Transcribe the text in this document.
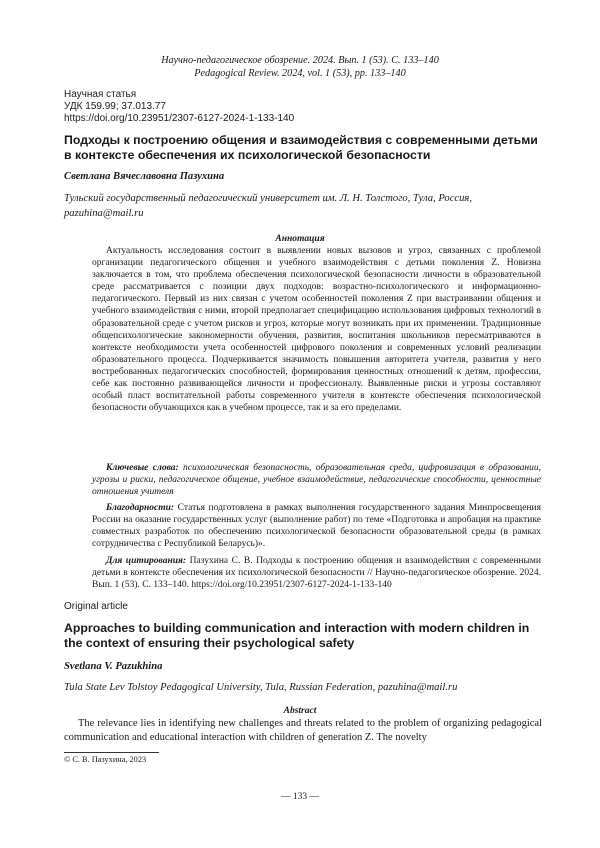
Научно-педагогическое обозрение. 2024. Вып. 1 (53). С. 133–140
Pedagogical Review. 2024, vol. 1 (53), pp. 133–140
Научная статья
УДК 159.99; 37.013.77
https://doi.org/10.23951/2307-6127-2024-1-133-140
Подходы к построению общения и взаимодействия с современными детьми в контексте обеспечения их психологической безопасности
Светлана Вячеславовна Пазухина
Тульский государственный педагогический университет им. Л. Н. Толстого, Тула, Россия,
pazuhina@mail.ru
Аннотация

Актуальность исследования состоит в выявлении новых вызовов и угроз, связанных с проблемой организации педагогического общения и учебного взаимодействия с детьми поколения Z. Новизна заключается в том, что проблема обеспечения психологической безопасности личности в образовательной среде рассматривается с позиции двух подходов: возрастно-психологического и информационно-педагогического. Первый из них связан с учетом особенностей поколения Z при выстраивании общения и учебного взаимодействия с ними, второй предполагает специфицацию использования цифровых технологий в образовательной среде с учетом рисков и угроз, которые могут возникать при их применении. Традиционные общепсихологические закономерности обучения, развития, воспитания школьников пересматриваются в контексте необходимости учета особенностей цифрового поколения и современных условий реализации образовательного процесса. Подчеркивается значимость повышения авторитета учителя, развития у него востребованных педагогических способностей, формирования ценностных отношений к детям, профессии, себе как постоянно развивающейся личности и профессионалу. Выявленные риски и угрозы составляют особый пласт воспитательной работы современного учителя в контексте обеспечения психологической безопасности обучающихся как в учебном процессе, так и за его пределами.

Ключевые слова: психологическая безопасность, образовательная среда, цифровизация в образовании, угрозы и риски, педагогическое общение, учебное взаимодействие, педагогические способности, ценностные отношения учителя

Благодарности: Статья подготовлена в рамках выполнения государственного задания Минпросвещения России на оказание государственных услуг (выполнение работ) по теме «Подготовка и апробация на практике совместных разработок по обеспечению психологической безопасности образовательной среды (в рамках сотрудничества с Республикой Беларусь)».

Для цитирования: Пазухина С. В. Подходы к построению общения и взаимодействия с современными детьми в контексте обеспечения их психологической безопасности // Научно-педагогическое обозрение. 2024. Вып. 1 (53). С. 133–140. https://doi.org/10.23951/2307-6127-2024-1-133-140

Original article
Approaches to building communication and interaction with modern children in the context of ensuring their psychological safety
Svetlana V. Pazukhina
Tula State Lev Tolstoy Pedagogical University, Tula, Russian Federation, pazuhina@mail.ru
Abstract

The relevance lies in identifying new challenges and threats related to the problem of organizing pedagogical communication and educational interaction with children of generation Z. The novelty

© С. В. Пазухина, 2023
— 133 —
